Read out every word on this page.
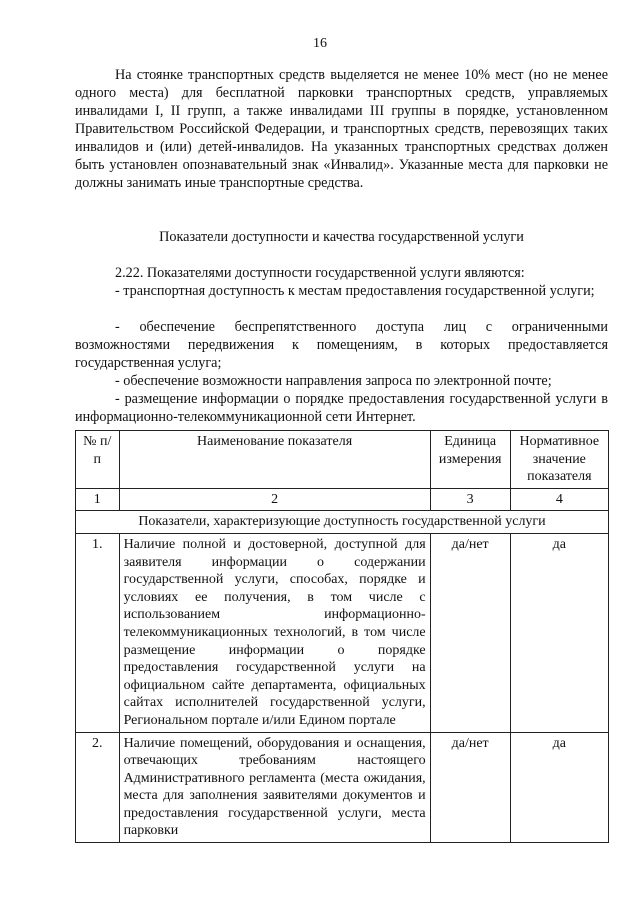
16

На стоянке транспортных средств выделяется не менее 10% мест (но не менее одного места) для бесплатной парковки транспортных средств, управляемых инвалидами I, II групп, а также инвалидами III группы в порядке, установленном Правительством Российской Федерации, и транспортных средств, перевозящих таких инвалидов и (или) детей-инвалидов. На указанных транспортных средствах должен быть установлен опознавательный знак «Инвалид». Указанные места для парковки не должны занимать иные транспортные средства.

Показатели доступности и качества государственной услуги

2.22. Показателями доступности государственной услуги являются:

- транспортная доступность к местам предоставления государственной услуги;

- обеспечение беспрепятственного доступа лиц с ограниченными возможностями передвижения к помещениям, в которых предоставляется государственная услуга;

- обеспечение возможности направления запроса по электронной почте;

- размещение информации о порядке предоставления государственной услуги в информационно-телекоммуникационной сети Интернет.

№ п/п	Наименование показателя	Единица измерения	Нормативное значение показателя
1	2	3	4
Показатели, характеризующие доступность государственной услуги			
1.	Наличие полной и достоверной, доступной для заявителя информации о содержании государственной услуги, способах, порядке и условиях ее получения, в том числе с использованием информационно-телекоммуникационных технологий, в том числе размещение информации о порядке предоставления государственной услуги на официальном сайте департамента, официальных сайтах исполнителей государственной услуги, Региональном портале и/или Едином портале	да/нет	да
2.	Наличие помещений, оборудования и оснащения, отвечающих требованиям настоящего Административного регламента (места ожидания, места для заполнения заявителями документов и предоставления государственной услуги, места парковки	да/нет	да
